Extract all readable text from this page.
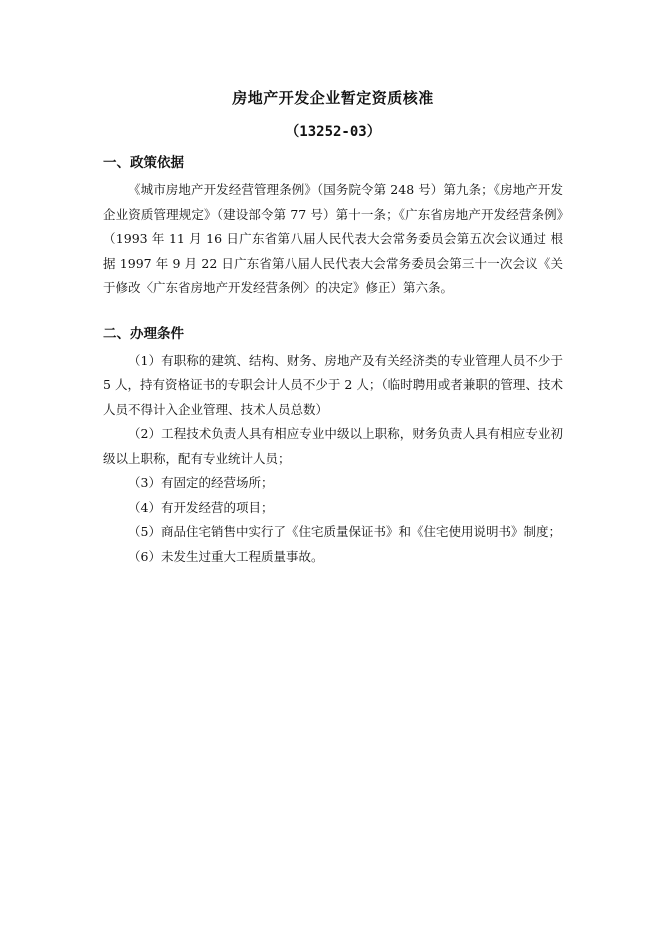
房地产开发企业暂定资质核准
（13252-03）
一、政策依据

《城市房地产开发经营管理条例》（国务院令第 248 号）第九条；《房地产开发企业资质管理规定》（建设部令第 77 号）第十一条；《广东省房地产开发经营条例》（1993 年 11 月 16 日广东省第八届人民代表大会常务委员会第五次会议通过 根据 1997 年 9 月 22 日广东省第八届人民代表大会常务委员会第三十一次会议《关于修改〈广东省房地产开发经营条例〉的决定》修正）第六条。

二、办理条件

（1）有职称的建筑、结构、财务、房地产及有关经济类的专业管理人员不少于 5 人，持有资格证书的专职会计人员不少于 2 人；（临时聘用或者兼职的管理、技术人员不得计入企业管理、技术人员总数）

（2）工程技术负责人具有相应专业中级以上职称，财务负责人具有相应专业初级以上职称，配有专业统计人员；

（3）有固定的经营场所；

（4）有开发经营的项目；

（5）商品住宅销售中实行了《住宅质量保证书》和《住宅使用说明书》制度；

（6）未发生过重大工程质量事故。
